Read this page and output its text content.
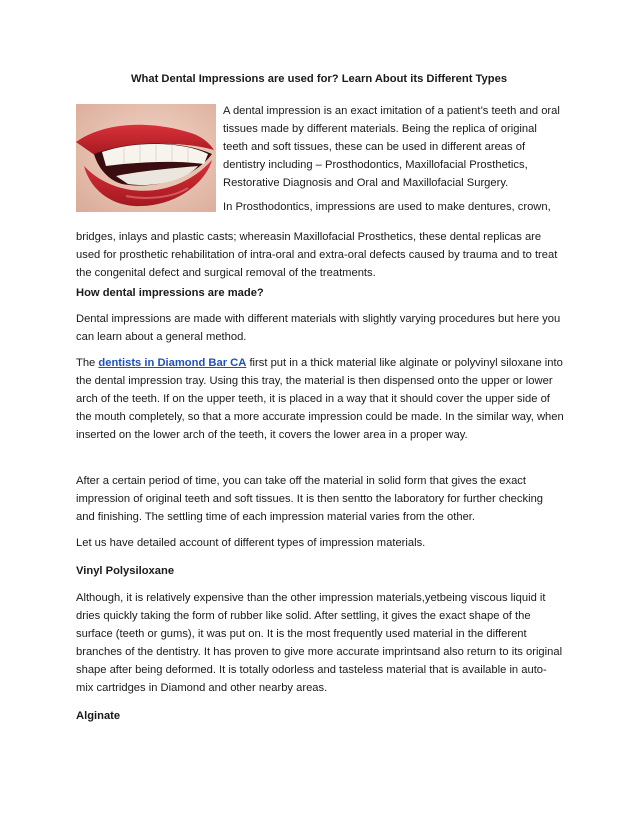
What Dental Impressions are used for? Learn About its Different Types

A dental impression is an exact imitation of a patient’s teeth and oral tissues made by different materials. Being the replica of original teeth and soft tissues, these can be used in different areas of dentistry including – Prosthodontics, Maxillofacial Prosthetics, Restorative Diagnosis and Oral and Maxillofacial Surgery.

In Prosthodontics, impressions are used to make dentures, crown,

bridges, inlays and plastic casts; whereasin Maxillofacial Prosthetics, these dental replicas are used for prosthetic rehabilitation of intra-oral and extra-oral defects caused by trauma and to treat the congenital defect and surgical removal of the treatments.

How dental impressions are made?

Dental impressions are made with different materials with slightly varying procedures but here you can learn about a general method.

The dentists in Diamond Bar CA first put in a thick material like alginate or polyvinyl siloxane into the dental impression tray. Using this tray, the material is then dispensed onto the upper or lower arch of the teeth. If on the upper teeth, it is placed in a way that it should cover the upper side of the mouth completely, so that a more accurate impression could be made. In the similar way, when inserted on the lower arch of the teeth, it covers the lower area in a proper way.

After a certain period of time, you can take off the material in solid form that gives the exact impression of original teeth and soft tissues. It is then sentto the laboratory for further checking and finishing. The settling time of each impression material varies from the other.

Let us have detailed account of different types of impression materials.

Vinyl Polysiloxane

Although, it is relatively expensive than the other impression materials,yetbeing viscous liquid it dries quickly taking the form of rubber like solid. After settling, it gives the exact shape of the surface (teeth or gums), it was put on. It is the most frequently used material in the different branches of the dentistry. It has proven to give more accurate imprintsand also return to its original shape after being deformed. It is totally odorless and tasteless material that is available in auto-mix cartridges in Diamond and other nearby areas.

Alginate
